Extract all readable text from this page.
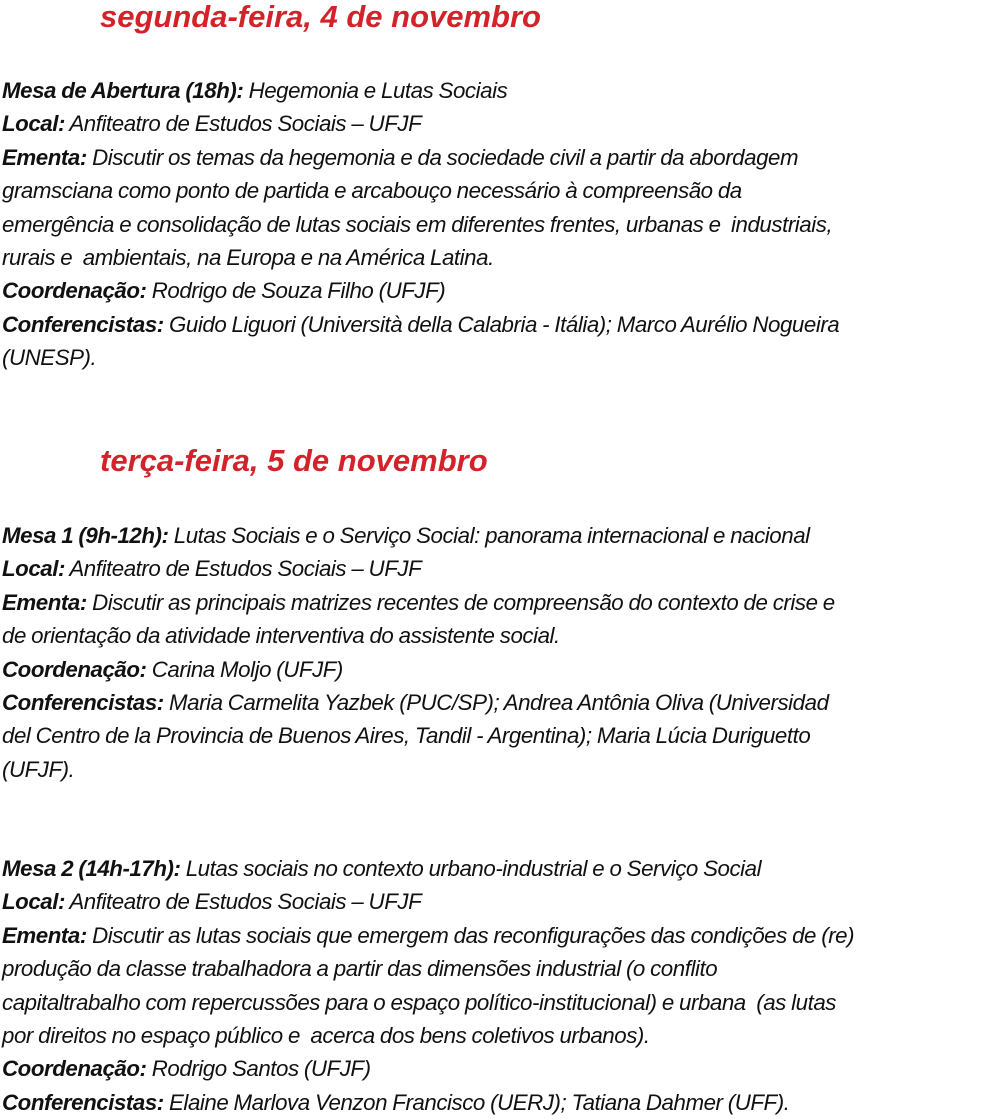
segunda-feira, 4 de novembro
Mesa de Abertura (18h): Hegemonia e Lutas Sociais
Local: Anfiteatro de Estudos Sociais – UFJF
Ementa: Discutir os temas da hegemonia e da sociedade civil a partir da abordagem
gramsciana como ponto de partida e arcabouço necessário à compreensão da
emergência e consolidação de lutas sociais em diferentes frentes, urbanas e  industriais,
rurais e  ambientais, na Europa e na América Latina.
Coordenação: Rodrigo de Souza Filho (UFJF)
Conferencistas: Guido Liguori (Università della Calabria - Itália); Marco Aurélio Nogueira
(UNESP).
terça-feira, 5 de novembro
Mesa 1 (9h-12h): Lutas Sociais e o Serviço Social: panorama internacional e nacional
Local: Anfiteatro de Estudos Sociais – UFJF
Ementa: Discutir as principais matrizes recentes de compreensão do contexto de crise e
de orientação da atividade interventiva do assistente social.
Coordenação: Carina Moljo (UFJF)
Conferencistas: Maria Carmelita Yazbek (PUC/SP); Andrea Antônia Oliva (Universidad
del Centro de la Provincia de Buenos Aires, Tandil - Argentina); Maria Lúcia Duriguetto
(UFJF).
Mesa 2 (14h-17h): Lutas sociais no contexto urbano-industrial e o Serviço Social
Local: Anfiteatro de Estudos Sociais – UFJF
Ementa: Discutir as lutas sociais que emergem das reconfigurações das condições de (re)
produção da classe trabalhadora a partir das dimensões industrial (o conflito
capitaltrabalho com repercussões para o espaço político-institucional) e urbana  (as lutas
por direitos no espaço público e  acerca dos bens coletivos urbanos).
Coordenação: Rodrigo Santos (UFJF)
Conferencistas: Elaine Marlova Venzon Francisco (UERJ); Tatiana Dahmer (UFF).
